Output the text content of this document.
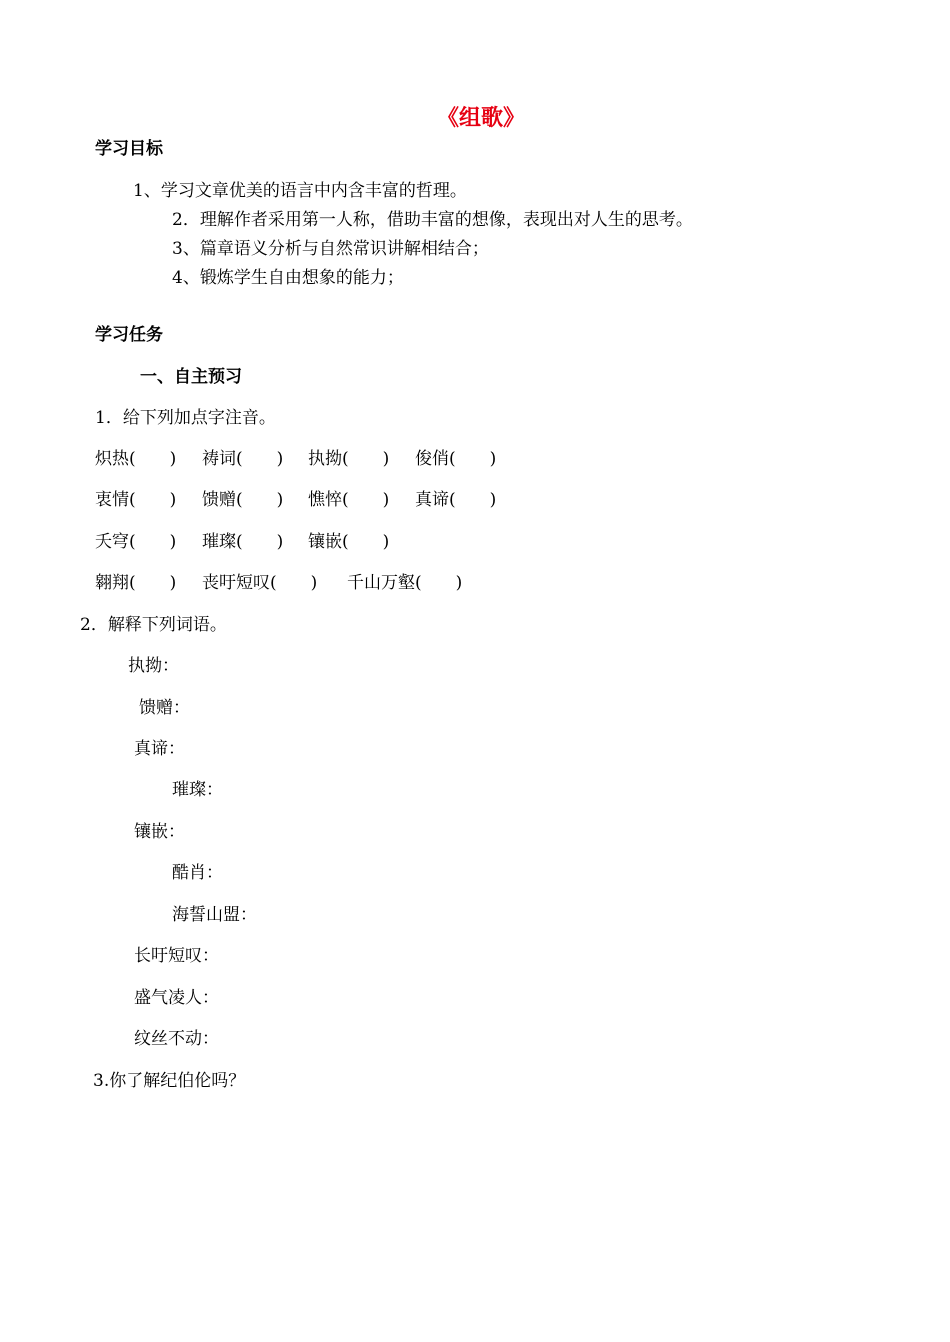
《组歌》
学习目标
1、学习文章优美的语言中内含丰富的哲理。
2．理解作者采用第一人称，借助丰富的想像，表现出对人生的思考。
3、篇章语义分析与自然常识讲解相结合；
4、锻炼学生自由想象的能力；
学习任务
一、自主预习
1．给下列加点字注音。
炽热(　　) 祷词(　　) 执拗(　　) 俊俏(　　)
衷情(　　) 馈赠(　　) 憔悴(　　) 真谛(　　)
夭穹(　　) 璀璨(　　) 镶嵌(　　)
翱翔(　　) 丧吁短叹(　　) 千山万壑(　　)
2．解释下列词语。
执拗：
馈赠：
真谛：
璀璨：
镶嵌：
酷肖：
海誓山盟：
长吁短叹：
盛气凌人：
纹丝不动：
3.你了解纪伯伦吗？
